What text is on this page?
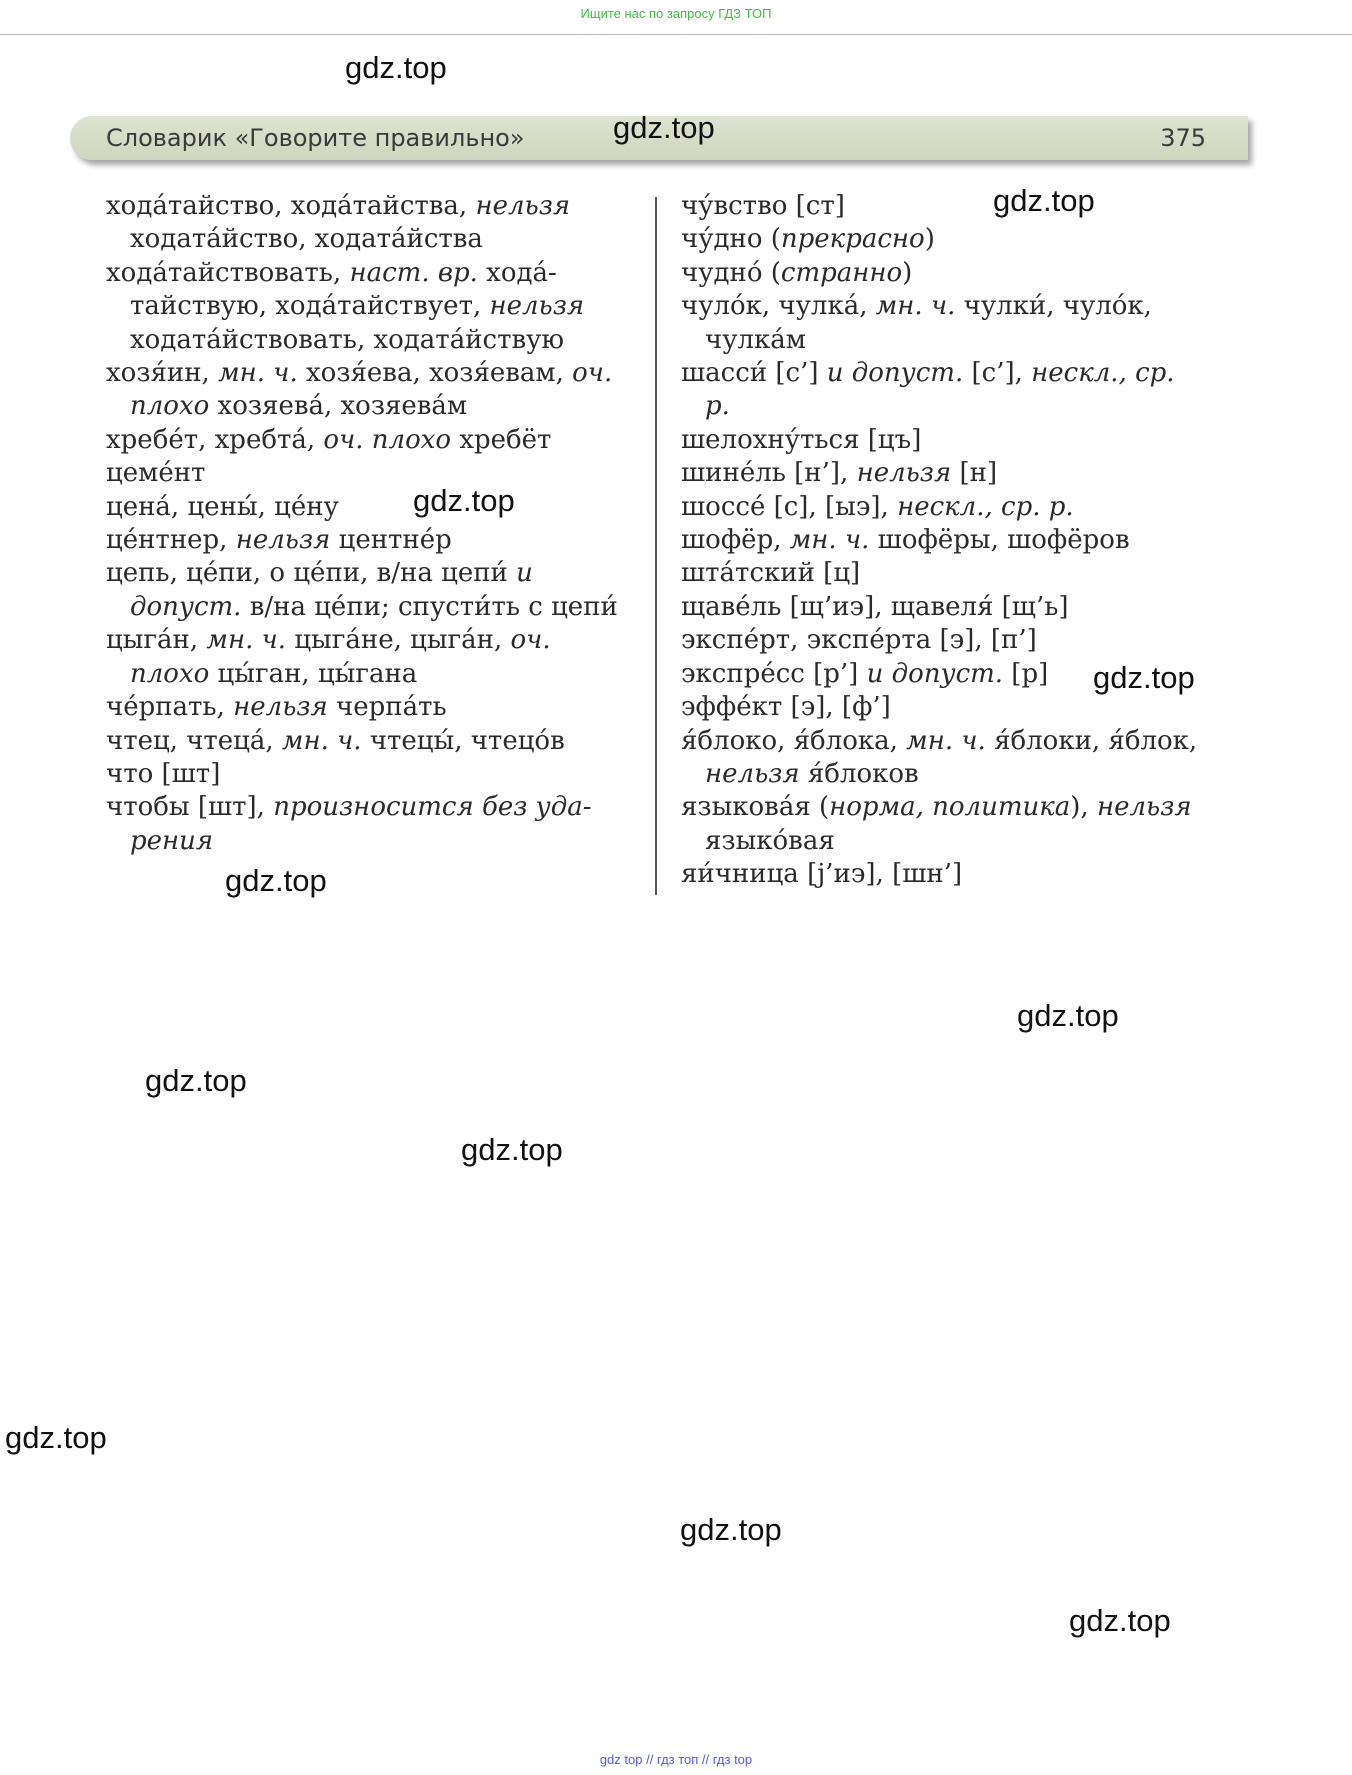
Ищите нас по запросу ГДЗ ТОП
Словарик «Говорите правильно»	375

ходáтайство, ходáтайства, нельзя ходатáйство, ходатáйства

ходáтайствовать, наст. вр. ходáтайствую, ходáтайствует, нельзя ходатáйствовать, ходатáйствую

хозя́ин, мн. ч. хозя́ева, хозя́евам, оч. плохо хозяевá, хозяевáм

хребéт, хребтá, оч. плохо хребёт

цемéнт

ценá, цены́, цéну

цéнтнер, нельзя центнéр

цепь, цéпи, о цéпи, в/на цепи́ и допуст. в/на цéпи; спусти́ть с цепи́

цыгáн, мн. ч. цыгáне, цыгáн, оч. плохо цы́ган, цы́гана

чéрпать, нельзя черпáть

чтец, чтецá, мн. ч. чтецы́, чтецóв

что [шт]

чтобы [шт], произносится без ударения

чу́вство [ст]

чу́дно (прекрасно)

чуднó (странно)

чулóк, чулкá, мн. ч. чулки́, чулóк, чулкáм

шасси́ [с’] и допуст. [с’], нескл., ср. р.

шелохну́ться [цъ]

шинéль [н’], нельзя [н]

шоссé [с], [ыэ], нескл., ср. р.

шофёр, мн. ч. шофёры, шофёров

штáтский [ц]

щавéль [щ’иэ], щавеля́ [щ’ь]

экспéрт, экспéрта [э], [п’]

экспрéсс [р’] и допуст. [р]

эффéкт [э], [ф’]

я́блоко, я́блока, мн. ч. я́блоки, я́блок, нельзя я́блоков

языковáя (норма, политика), нельзя языкóвая

яи́чница [j’иэ], [шн’]

gdz.top
gdz.top
gdz.top
gdz.top
gdz.top
gdz.top
gdz.top
gdz.top
gdz.top
gdz.top
gdz.top
gdz.top
gdz top // гдз топ // гдз top
